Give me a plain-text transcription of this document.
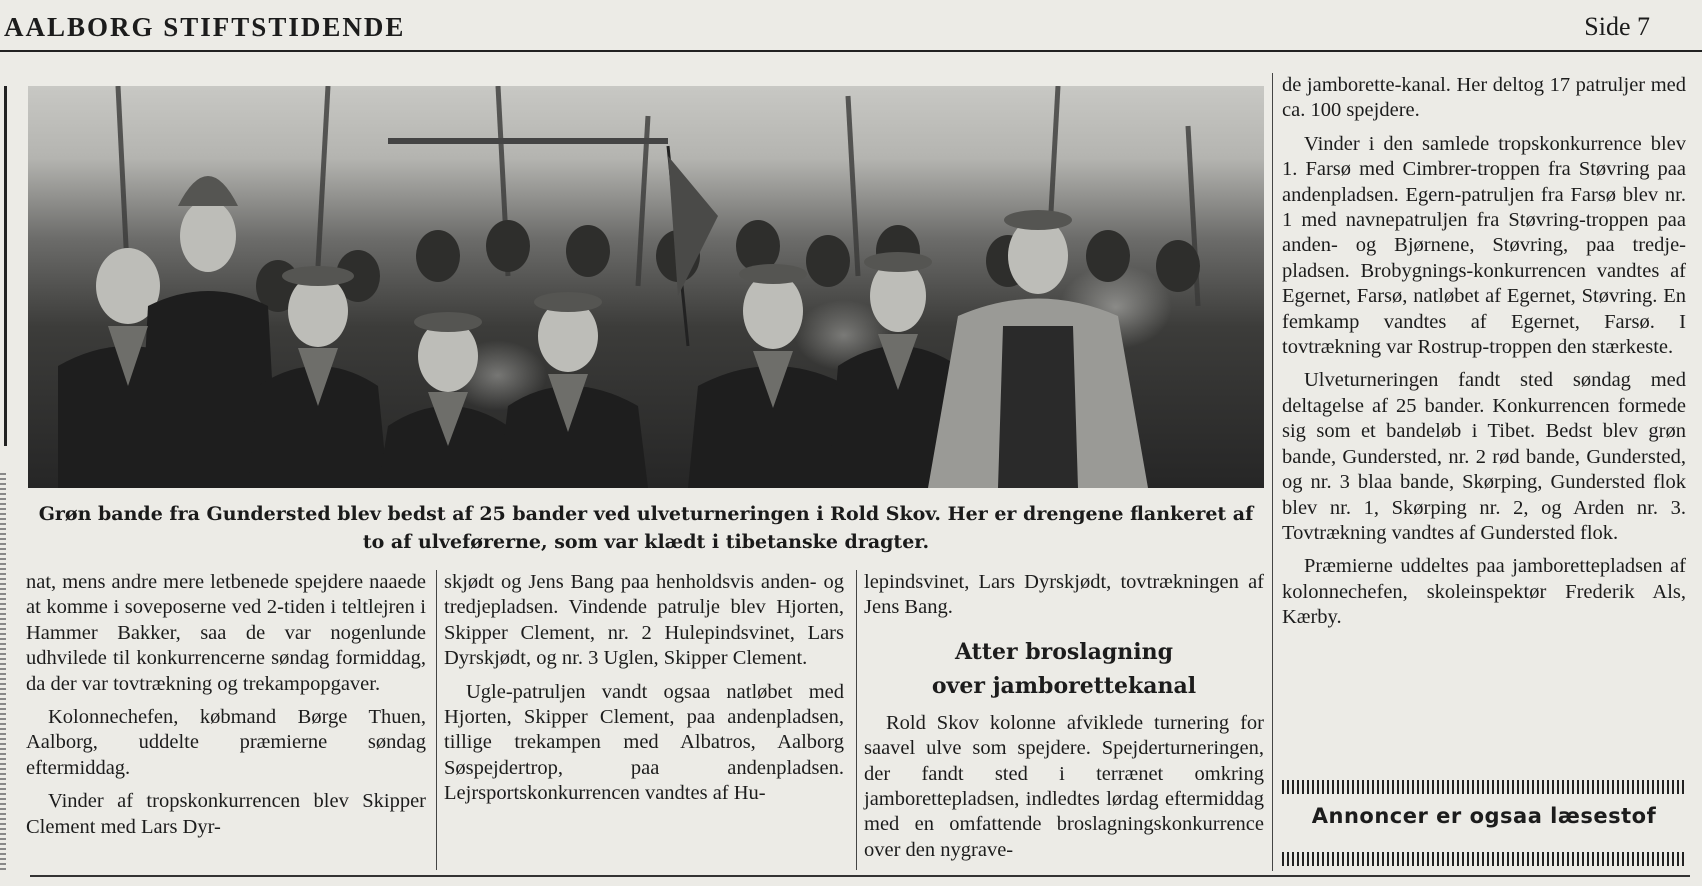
AALBORG STIFTSTIDENDE	Side 7
Grøn bande fra Gundersted blev bedst af 25 bander ved ulveturneringen i Rold Skov. Her er drengene flankeret af to af ulveførerne, som var klædt i tibetanske dragter.

nat, mens andre mere letbenede spejdere naaede at komme i soveposerne ved 2-tiden i teltlejren i Hammer Bakker, saa de var nogenlunde udhvilede til konkurrencerne søndag formiddag, da der var tovtrækning og trekampopgaver.

Kolonnechefen, købmand Børge Thuen, Aalborg, uddelte præmierne søndag eftermiddag.

Vinder af tropskonkurrencen blev Skipper Clement med Lars Dyr-

skjødt og Jens Bang paa henholdsvis anden- og tredjepladsen. Vindende patrulje blev Hjorten, Skipper Clement, nr. 2 Hulepindsvinet, Lars Dyrskjødt, og nr. 3 Uglen, Skipper Clement.

Ugle-patruljen vandt ogsaa natløbet med Hjorten, Skipper Clement, paa andenpladsen, tillige trekampen med Albatros, Aalborg Søspejdertrop, paa andenpladsen. Lejrsportskonkurrencen vandtes af Hu-

lepindsvinet, Lars Dyrskjødt, tovtrækningen af Jens Bang.

Atter broslagning
over jamborettekanal

Rold Skov kolonne afviklede turnering for saavel ulve som spejdere. Spejderturneringen, der fandt sted i terrænet omkring jamborettepladsen, indledtes lørdag eftermiddag med en omfattende broslagningskonkurrence over den nygrave-

de jamborette-kanal. Her deltog 17 patruljer med ca. 100 spejdere.

Vinder i den samlede tropskonkurrence blev 1. Farsø med Cimbrer-troppen fra Støvring paa andenpladsen. Egern-patruljen fra Farsø blev nr. 1 med navnepatruljen fra Støvring-troppen paa anden- og Bjørnene, Støvring, paa tredje-pladsen. Brobygnings-konkurrencen vandtes af Egernet, Farsø, natløbet af Egernet, Støvring. En femkamp vandtes af Egernet, Farsø. I tovtrækning var Rostrup-troppen den stærkeste.

Ulveturneringen fandt sted søndag med deltagelse af 25 bander. Konkurrencen formede sig som et bandeløb i Tibet. Bedst blev grøn bande, Gundersted, nr. 2 rød bande, Gundersted, og nr. 3 blaa bande, Skørping, Gundersted flok blev nr. 1, Skørping nr. 2, og Arden nr. 3. Tovtrækning vandtes af Gundersted flok.

Præmierne uddeltes paa jamborettepladsen af kolonnechefen, skoleinspektør Frederik Als, Kærby.

Annoncer er ogsaa læsestof
